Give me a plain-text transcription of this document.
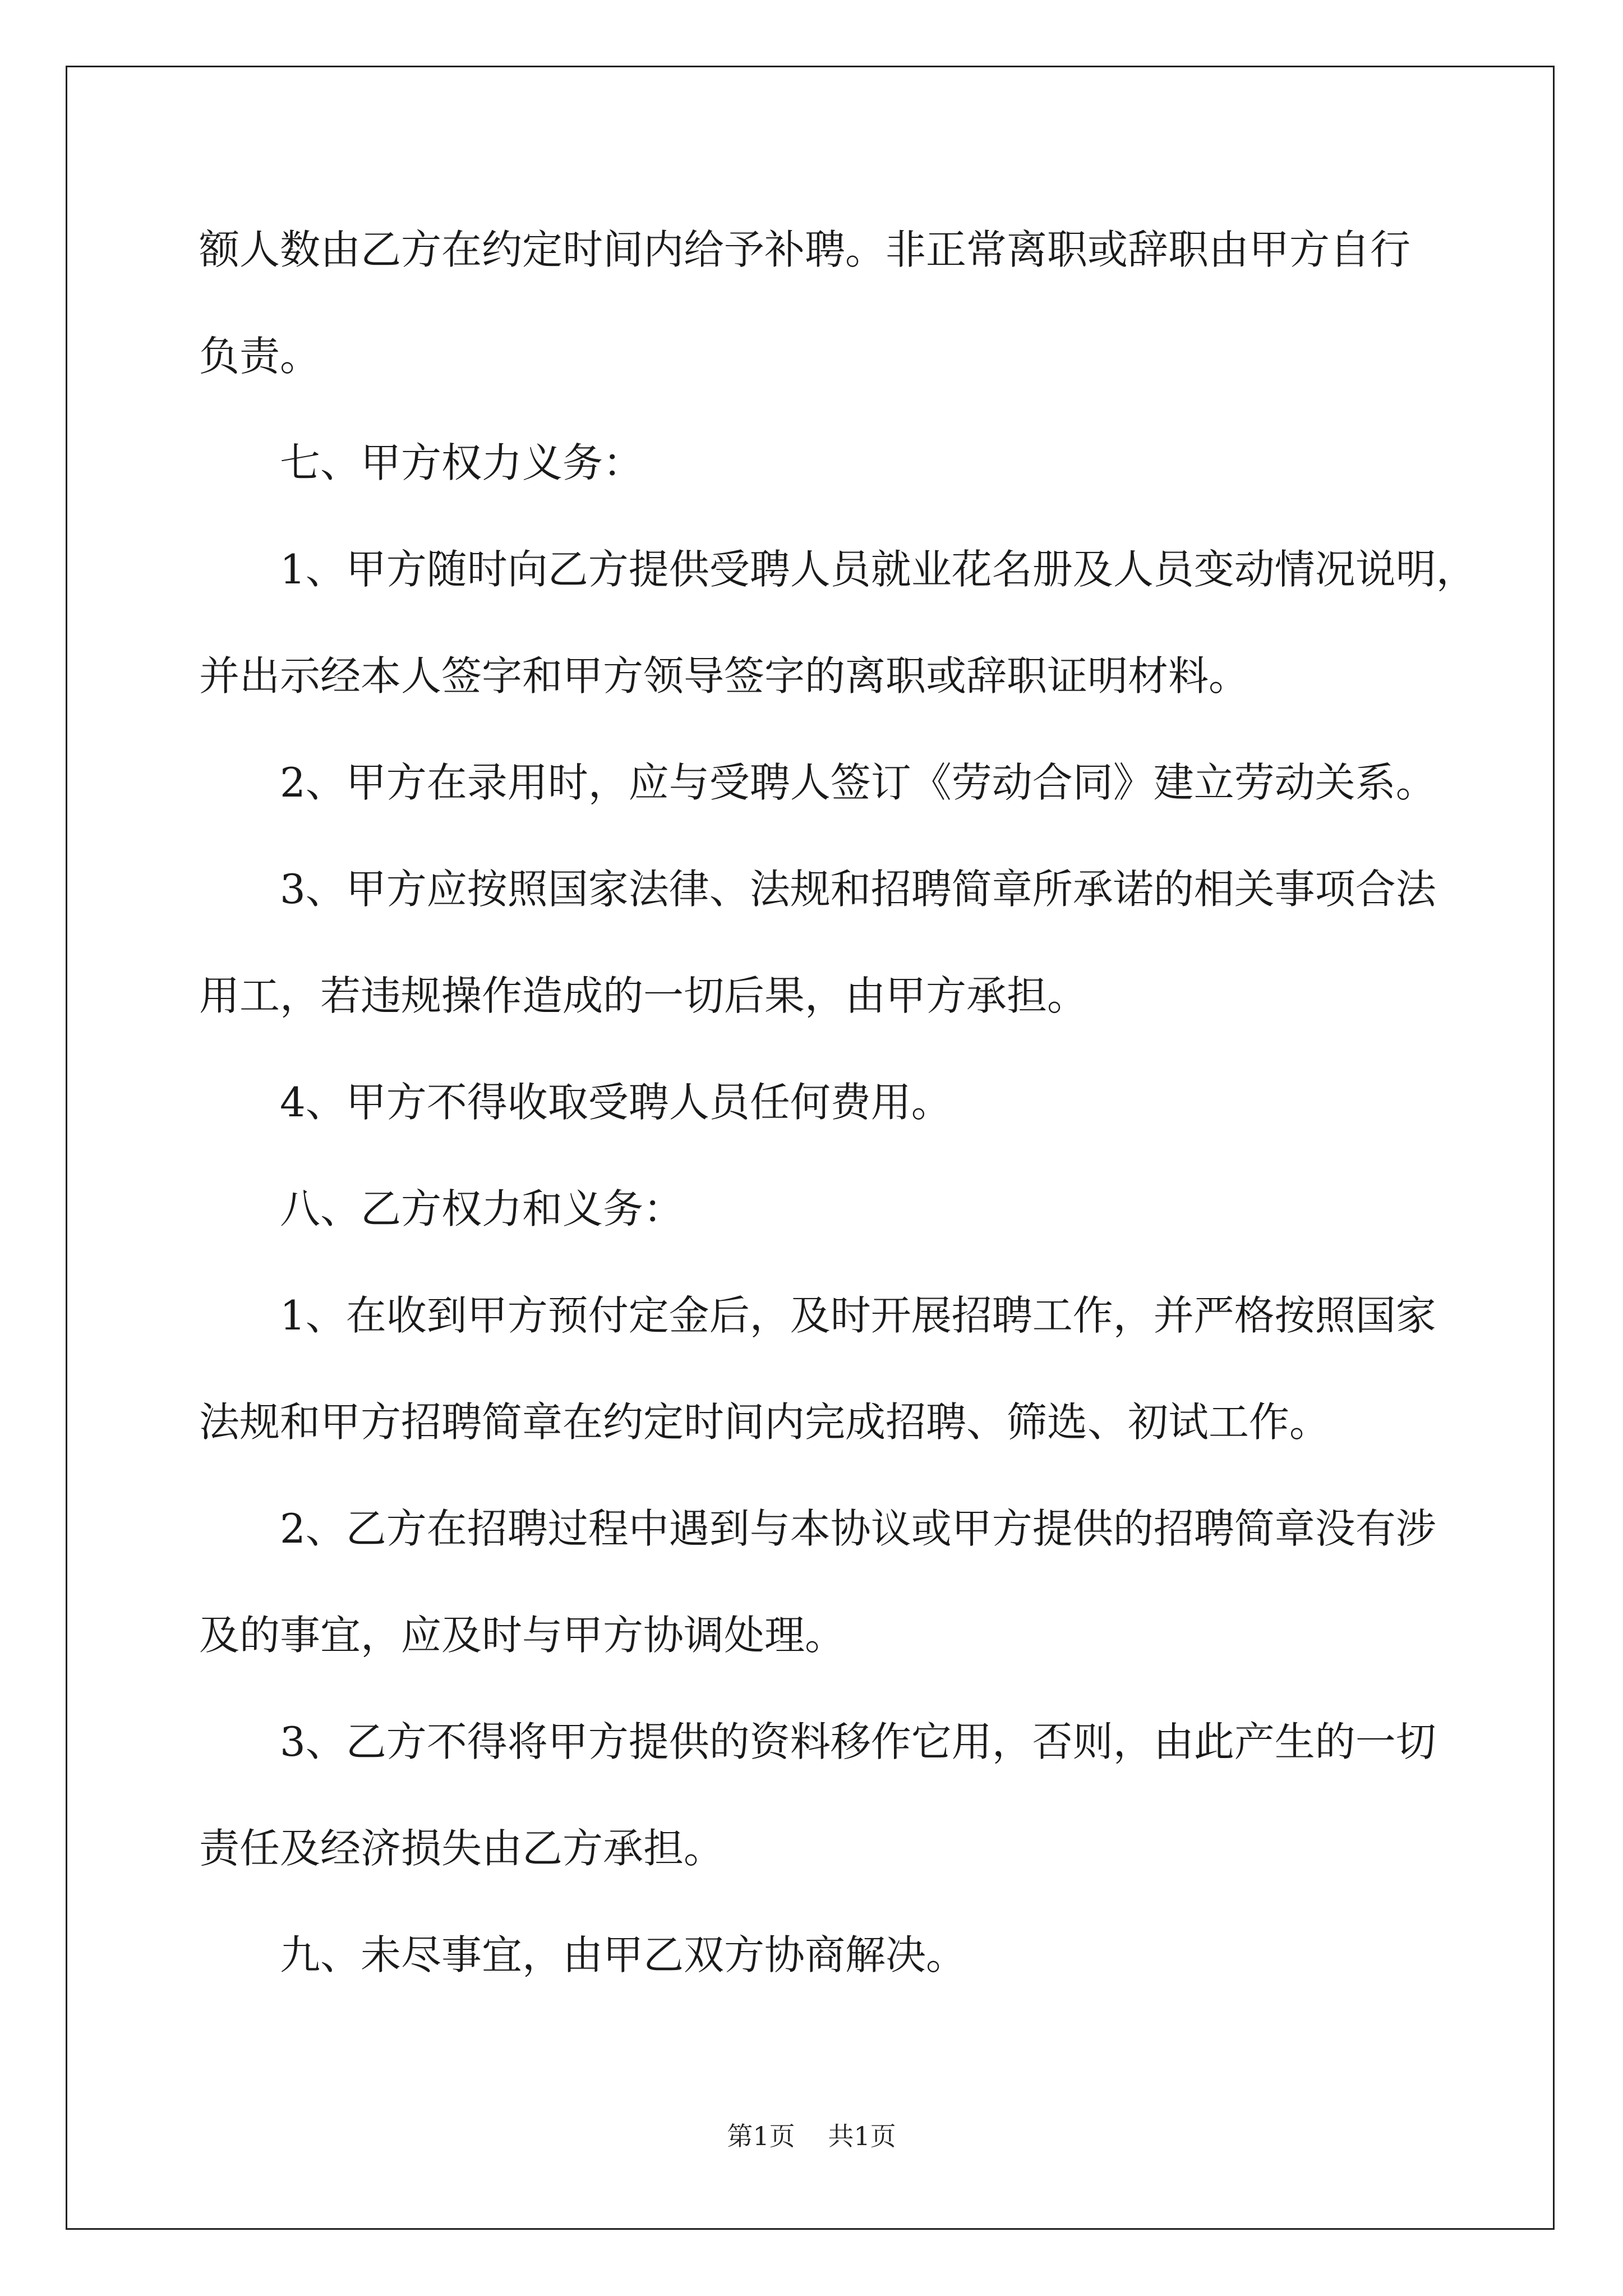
额人数由乙方在约定时间内给予补聘。非正常离职或辞职由甲方自行
负责。
七、甲方权力义务：
1、甲方随时向乙方提供受聘人员就业花名册及人员变动情况说明，
并出示经本人签字和甲方领导签字的离职或辞职证明材料。
2、甲方在录用时，应与受聘人签订《劳动合同》建立劳动关系。
3、甲方应按照国家法律、法规和招聘简章所承诺的相关事项合法
用工，若违规操作造成的一切后果，由甲方承担。
4、甲方不得收取受聘人员任何费用。
八、乙方权力和义务：
1、在收到甲方预付定金后，及时开展招聘工作，并严格按照国家
法规和甲方招聘简章在约定时间内完成招聘、筛选、初试工作。
2、乙方在招聘过程中遇到与本协议或甲方提供的招聘简章没有涉
及的事宜，应及时与甲方协调处理。
3、乙方不得将甲方提供的资料移作它用，否则，由此产生的一切
责任及经济损失由乙方承担。
九、未尽事宜，由甲乙双方协商解决。
第1页 共1页
